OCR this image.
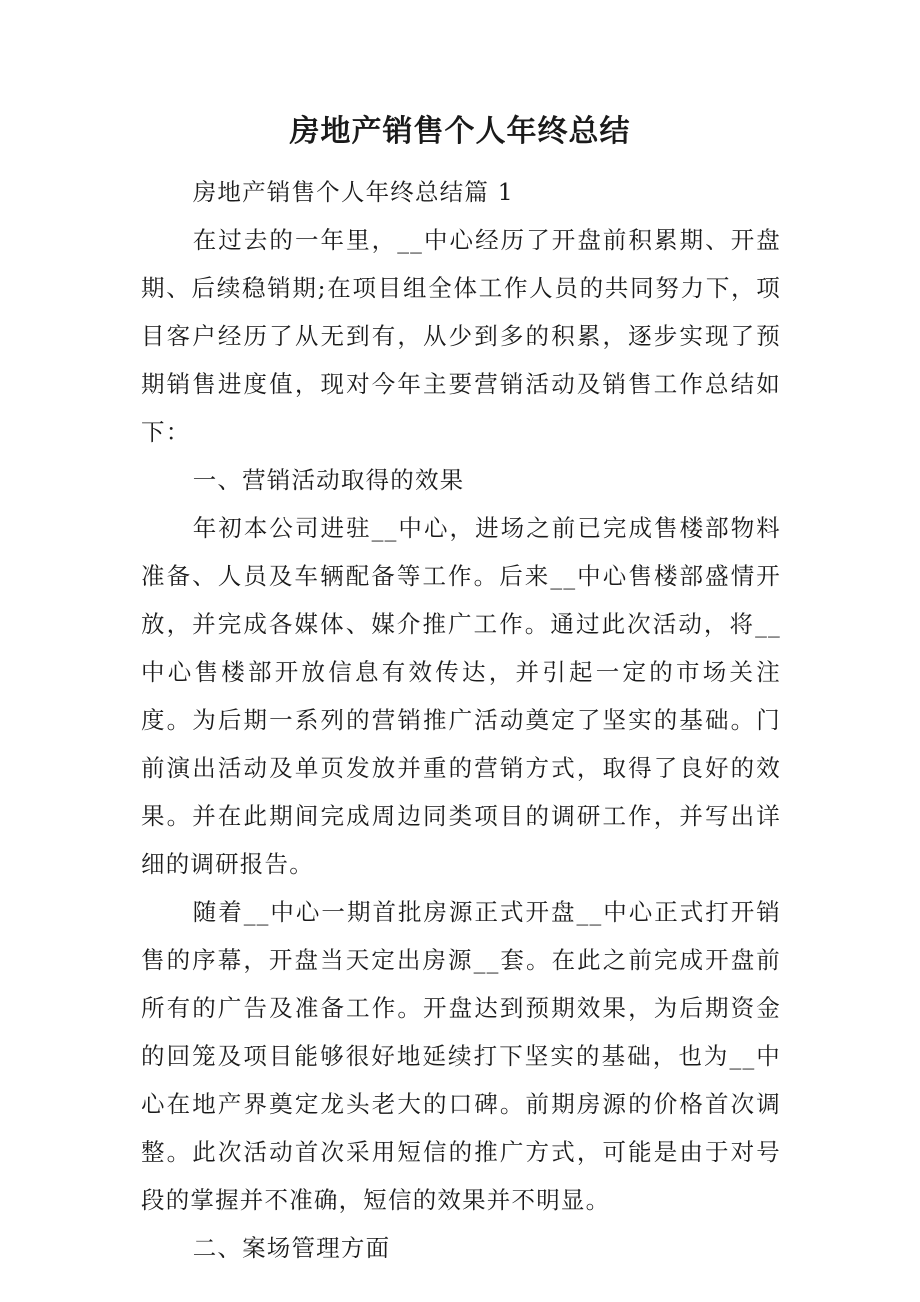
房地产销售个人年终总结

房地产销售个人年终总结篇 1

在过去的一年里，__中心经历了开盘前积累期、开盘期、后续稳销期;在项目组全体工作人员的共同努力下，项目客户经历了从无到有，从少到多的积累，逐步实现了预期销售进度值，现对今年主要营销活动及销售工作总结如下：

一、营销活动取得的效果

年初本公司进驻__中心，进场之前已完成售楼部物料准备、人员及车辆配备等工作。后来__中心售楼部盛情开放，并完成各媒体、媒介推广工作。通过此次活动，将__中心售楼部开放信息有效传达，并引起一定的市场关注度。为后期一系列的营销推广活动奠定了坚实的基础。门前演出活动及单页发放并重的营销方式，取得了良好的效果。并在此期间完成周边同类项目的调研工作，并写出详细的调研报告。

随着__中心一期首批房源正式开盘__中心正式打开销售的序幕，开盘当天定出房源__套。在此之前完成开盘前所有的广告及准备工作。开盘达到预期效果，为后期资金的回笼及项目能够很好地延续打下坚实的基础，也为__中心在地产界奠定龙头老大的口碑。前期房源的价格首次调整。此次活动首次采用短信的推广方式，可能是由于对号段的掌握并不准确，短信的效果并不明显。

二、案场管理方面
